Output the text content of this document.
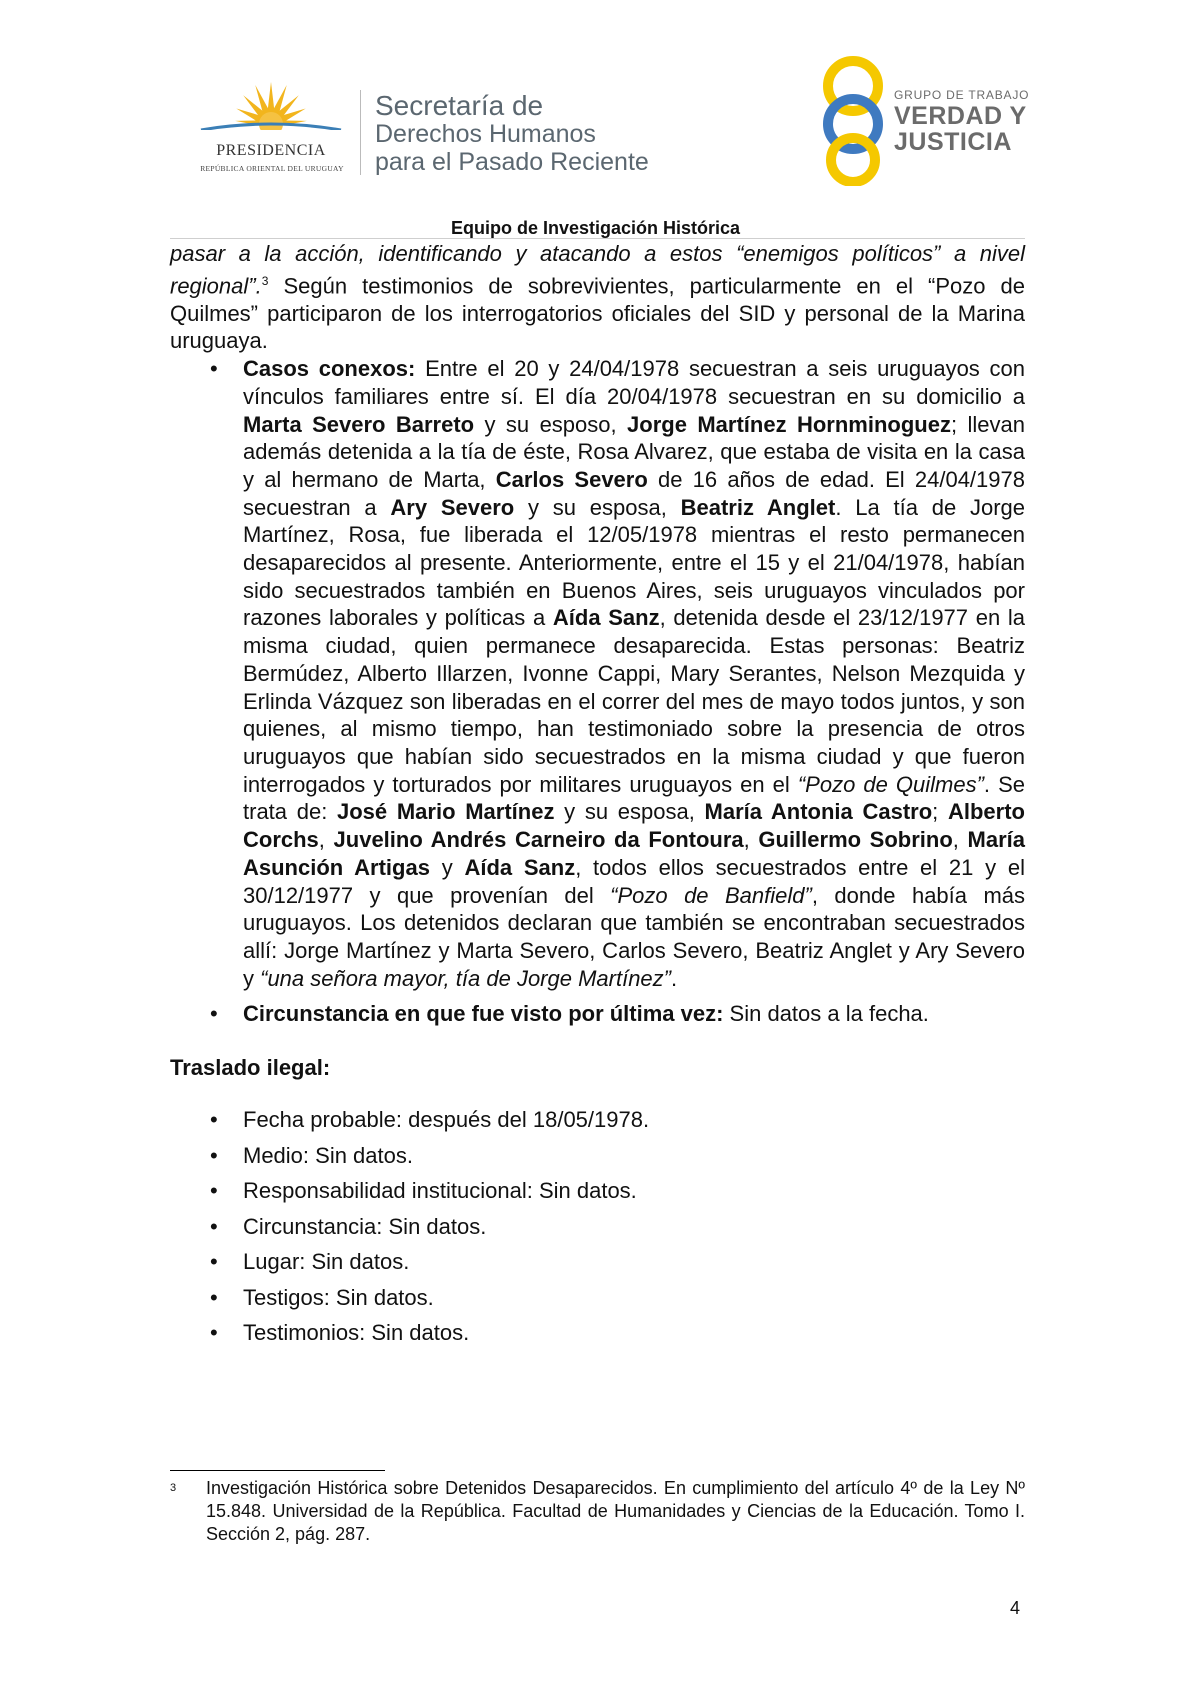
PRESIDENCIA
REPÚBLICA ORIENTAL DEL URUGUAY
Secretaría de
Derechos Humanos
para el Pasado Reciente
GRUPO DE TRABAJO
VERDAD Y
JUSTICIA
Equipo de Investigación Histórica

pasar a la acción, identificando y atacando a estos “enemigos políticos” a nivel regional”.$^3$ Según testimonios de sobrevivientes, particularmente en el “Pozo de Quilmes” participaron de los interrogatorios oficiales del SID y personal de la Marina uruguaya.

• Casos conexos: Entre el 20 y 24/04/1978 secuestran a seis uruguayos con vínculos familiares entre sí. El día 20/04/1978 secuestran en su domicilio a Marta Severo Barreto y su esposo, Jorge Martínez Hornminoguez; llevan además detenida a la tía de éste, Rosa Alvarez, que estaba de visita en la casa y al hermano de Marta, Carlos Severo de 16 años de edad. El 24/04/1978 secuestran a Ary Severo y su esposa, Beatriz Anglet. La tía de Jorge Martínez, Rosa, fue liberada el 12/05/1978 mientras el resto permanecen desaparecidos al presente. Anteriormente, entre el 15 y el 21/04/1978, habían sido secuestrados también en Buenos Aires, seis uruguayos vinculados por razones laborales y políticas a Aída Sanz, detenida desde el 23/12/1977 en la misma ciudad, quien permanece desaparecida. Estas personas: Beatriz Bermúdez, Alberto Illarzen, Ivonne Cappi, Mary Serantes, Nelson Mezquida y Erlinda Vázquez son liberadas en el correr del mes de mayo todos juntos, y son quienes, al mismo tiempo, han testimoniado sobre la presencia de otros uruguayos que habían sido secuestrados en la misma ciudad y que fueron interrogados y torturados por militares uruguayos en el “Pozo de Quilmes”. Se trata de: José Mario Martínez y su esposa, María Antonia Castro; Alberto Corchs, Juvelino Andrés Carneiro da Fontoura, Guillermo Sobrino, María Asunción Artigas y Aída Sanz, todos ellos secuestrados entre el 21 y el 30/12/1977 y que provenían del “Pozo de Banfield”, donde había más uruguayos. Los detenidos declaran que también se encontraban secuestrados allí: Jorge Martínez y Marta Severo, Carlos Severo, Beatriz Anglet y Ary Severo y “una señora mayor, tía de Jorge Martínez”.
• Circunstancia en que fue visto por última vez: Sin datos a la fecha.
Traslado ilegal:
• Fecha probable: después del 18/05/1978.
• Medio: Sin datos.
• Responsabilidad institucional: Sin datos.
• Circunstancia: Sin datos.
• Lugar: Sin datos.
• Testigos: Sin datos.
• Testimonios: Sin datos.
3 Investigación Histórica sobre Detenidos Desaparecidos. En cumplimiento del artículo 4º de la Ley Nº 15.848. Universidad de la República. Facultad de Humanidades y Ciencias de la Educación. Tomo I. Sección 2, pág. 287.
4
